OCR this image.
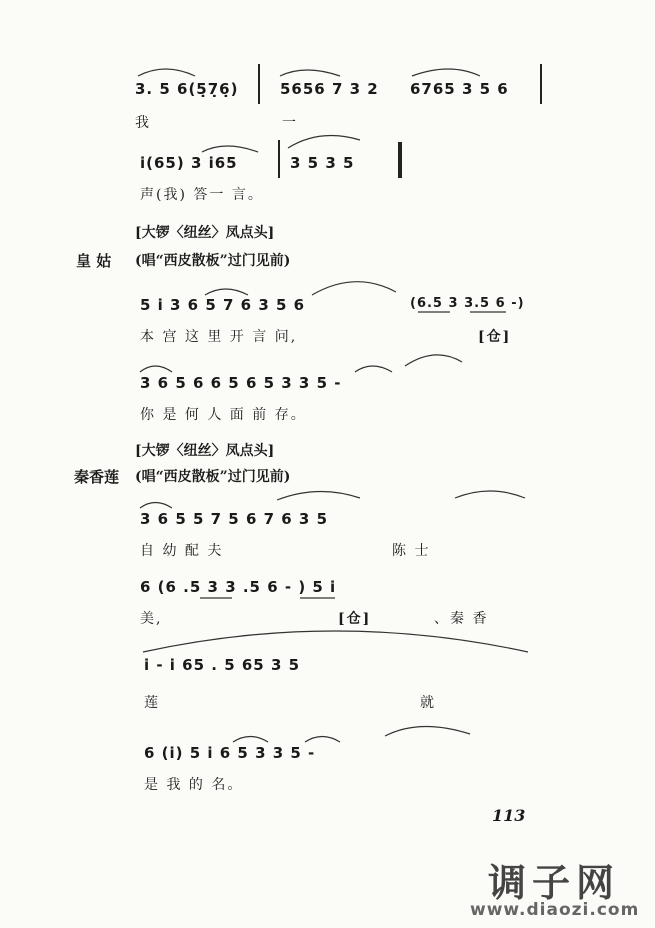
3. 5 6(5̣7̣6̣)	5656 7 3 2 6765 3 5 6
我	一
i(65) 3 i65	3 5 3 5
声(我) 答一 言。
[大锣〈纽丝〉凤点头]
皇 姑 (唱“西皮散板”过门见前)
5 i 3 6 5 7 6 3 5 6	(6.5 3 3.5 6 -)
本 宫 这 里 开 言 问,	[仓]
3 6 5 6 6 5 6 5 3 3 5 -
你 是 何 人 面 前 存。
[大锣〈纽丝〉凤点头]
秦香莲 (唱“西皮散板”过门见前)
3 6 5 5 7 5 6 7 6 3 5
自 幼 配 夫	陈 士
6 (6 .5 3 3 .5 6 - ) 5 i
美,	[仓]	、秦 香
i - i 65 . 5 65 3 5
莲	就
6 (i) 5 i 6 5 3 3 5 -
是 我 的 名。
113
调子网
www.diaozi.com
